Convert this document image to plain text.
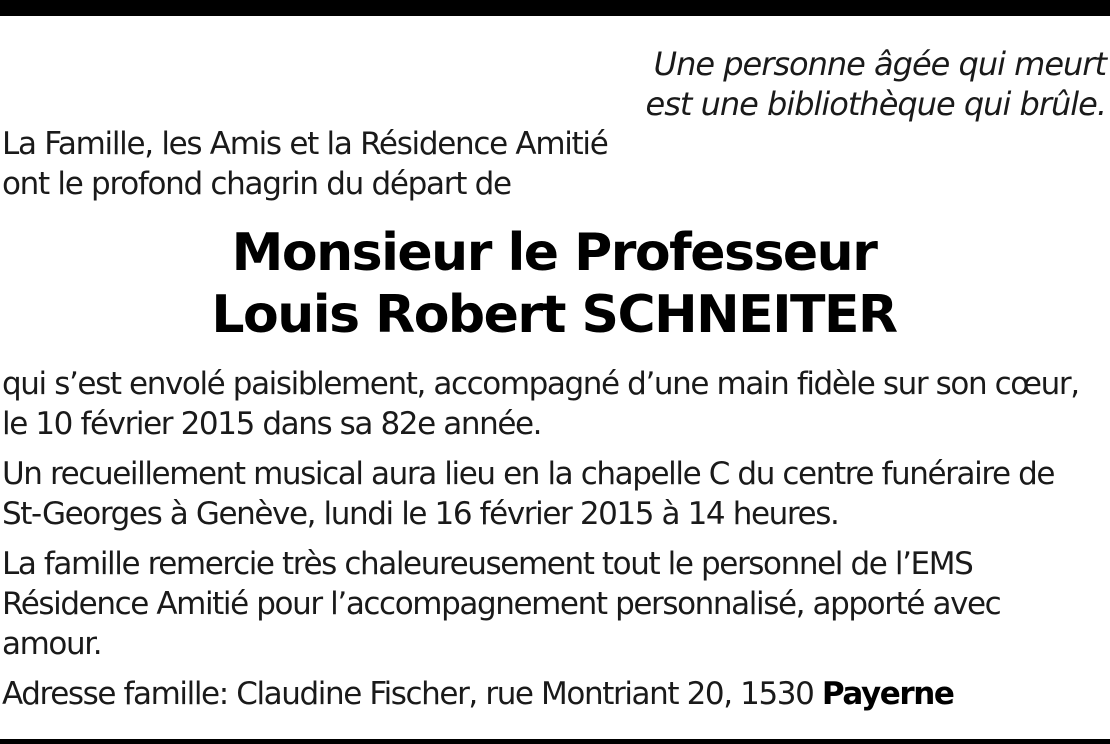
Une personne âgée qui meurt
est une bibliothèque qui brûle.
La Famille, les Amis et la Résidence Amitié
ont le profond chagrin du départ de
Monsieur le Professeur
Louis Robert SCHNEITER
qui s’est envolé paisiblement, accompagné d’une main fidèle sur son cœur,
le 10 février 2015 dans sa 82e année.
Un recueillement musical aura lieu en la chapelle C du centre funéraire de
St-Georges à Genève, lundi le 16 février 2015 à 14 heures.
La famille remercie très chaleureusement tout le personnel de l’EMS
Résidence Amitié pour l’accompagnement personnalisé, apporté avec amour.
Adresse famille: Claudine Fischer, rue Montriant 20, 1530 Payerne
